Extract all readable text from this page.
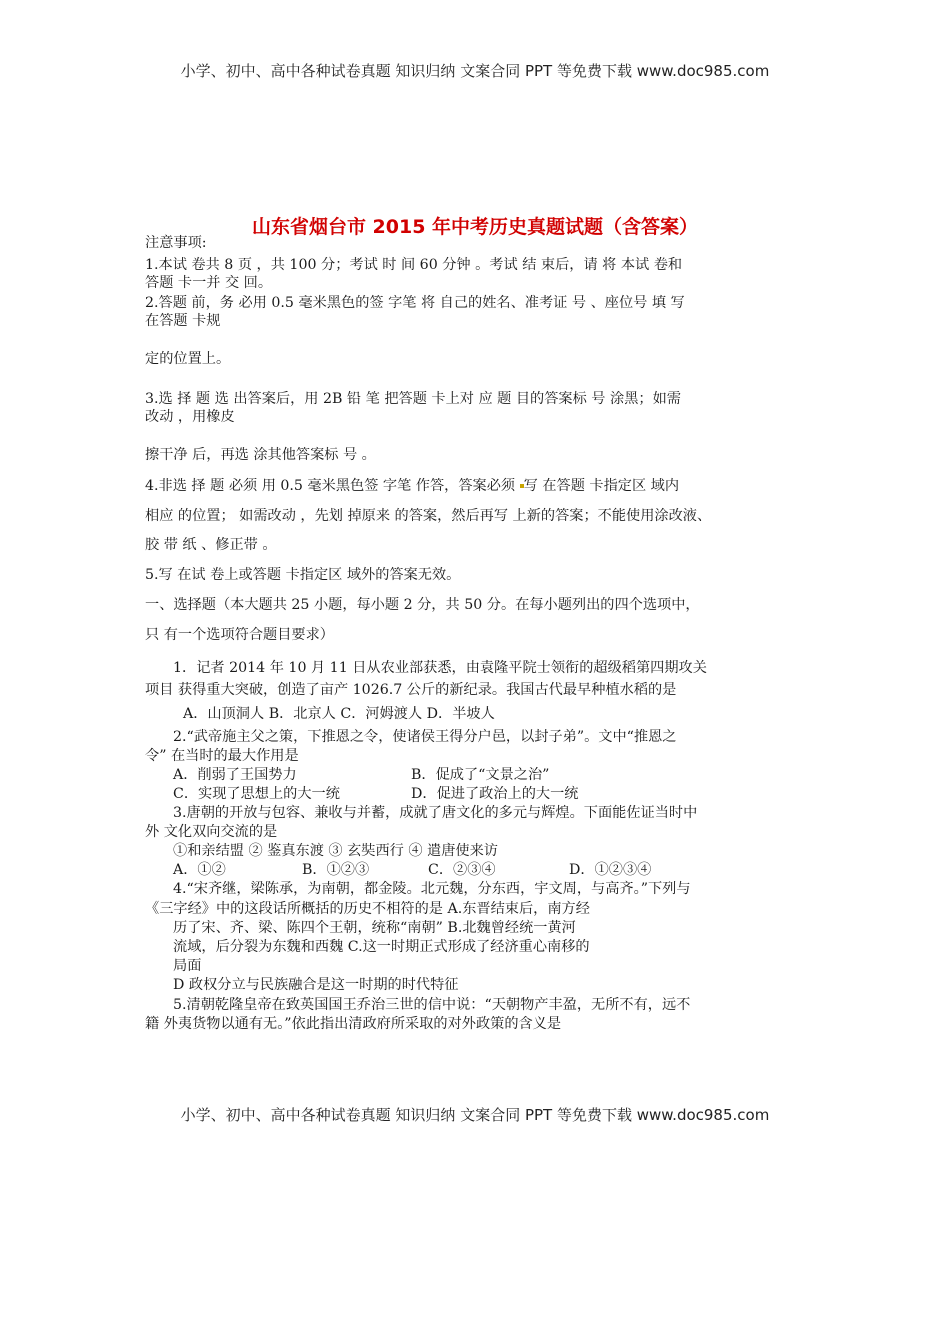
小学、初中、高中各种试卷真题 知识归纳 文案合同 PPT 等免费下载 www.doc985.com
山东省烟台市 2015 年中考历史真题试题（含答案）
注意事项:
1.本试 卷共 8 页 ，共 100 分；考试 时 间 60 分钟 。考试 结 束后，请 将 本试 卷和
答题 卡一并 交 回。
2.答题 前，务 必用 0.5 毫米黑色的签 字笔 将 自己的姓名、准考证 号 、座位号 填 写
在答题 卡规
定的位置上。
3.选 择 题 选 出答案后，用 2B 铅 笔 把答题 卡上对 应 题 目的答案标 号 涂黑；如需
改动 ，用橡皮
擦干净 后，再选 涂其他答案标 号 。
4.非选 择 题 必须 用 0.5 毫米黑色签 字笔 作答，答案必须 写 在答题 卡指定区 域内
相应 的位置； 如需改动 ，先划 掉原来 的答案，然后再写 上新的答案；不能使用涂改液、
胶 带 纸 、修正带 。
5.写 在试 卷上或答题 卡指定区 域外的答案无效。
一、选择题（本大题共 25 小题，每小题 2 分，共 50 分。在每小题列出的四个选项中，
只 有一个选项符合题目要求）
1．记者 2014 年 10 月 11 日从农业部获悉，由袁隆平院士领衔的超级稻第四期攻关
项目 获得重大突破，创造了亩产 1026.7 公斤的新纪录。我国古代最早种植水稻的是
A．山顶洞人 B．北京人 C．河姆渡人 D．半坡人
2.“武帝施主父之策，下推恩之令，使诸侯王得分户邑，以封子弟”。文中“推恩之
令” 在当时的最大作用是
A．削弱了王国势力	B．促成了“文景之治”
C．实现了思想上的大一统	D．促进了政治上的大一统
3.唐朝的开放与包容、兼收与并蓄，成就了唐文化的多元与辉煌。下面能佐证当时中
外 文化双向交流的是
①和亲结盟 ② 鉴真东渡 ③ 玄奘西行 ④ 遣唐使来访
A．①②	B．①②③	C．②③④	D．①②③④
4.“宋齐继，梁陈承，为南朝，都金陵。北元魏，分东西，宇文周，与高齐。”下列与
《三字经》中的这段话所概括的历史不相符的是 A.东晋结束后，南方经
历了宋、齐、梁、陈四个王朝，统称“南朝” B.北魏曾经统一黄河
流域，后分裂为东魏和西魏 C.这一时期正式形成了经济重心南移的
局面
D 政权分立与民族融合是这一时期的时代特征
5.清朝乾隆皇帝在致英国国王乔治三世的信中说：“天朝物产丰盈，无所不有，远不
籍 外夷货物以通有无。”依此指出清政府所采取的对外政策的含义是
小学、初中、高中各种试卷真题 知识归纳 文案合同 PPT 等免费下载 www.doc985.com
